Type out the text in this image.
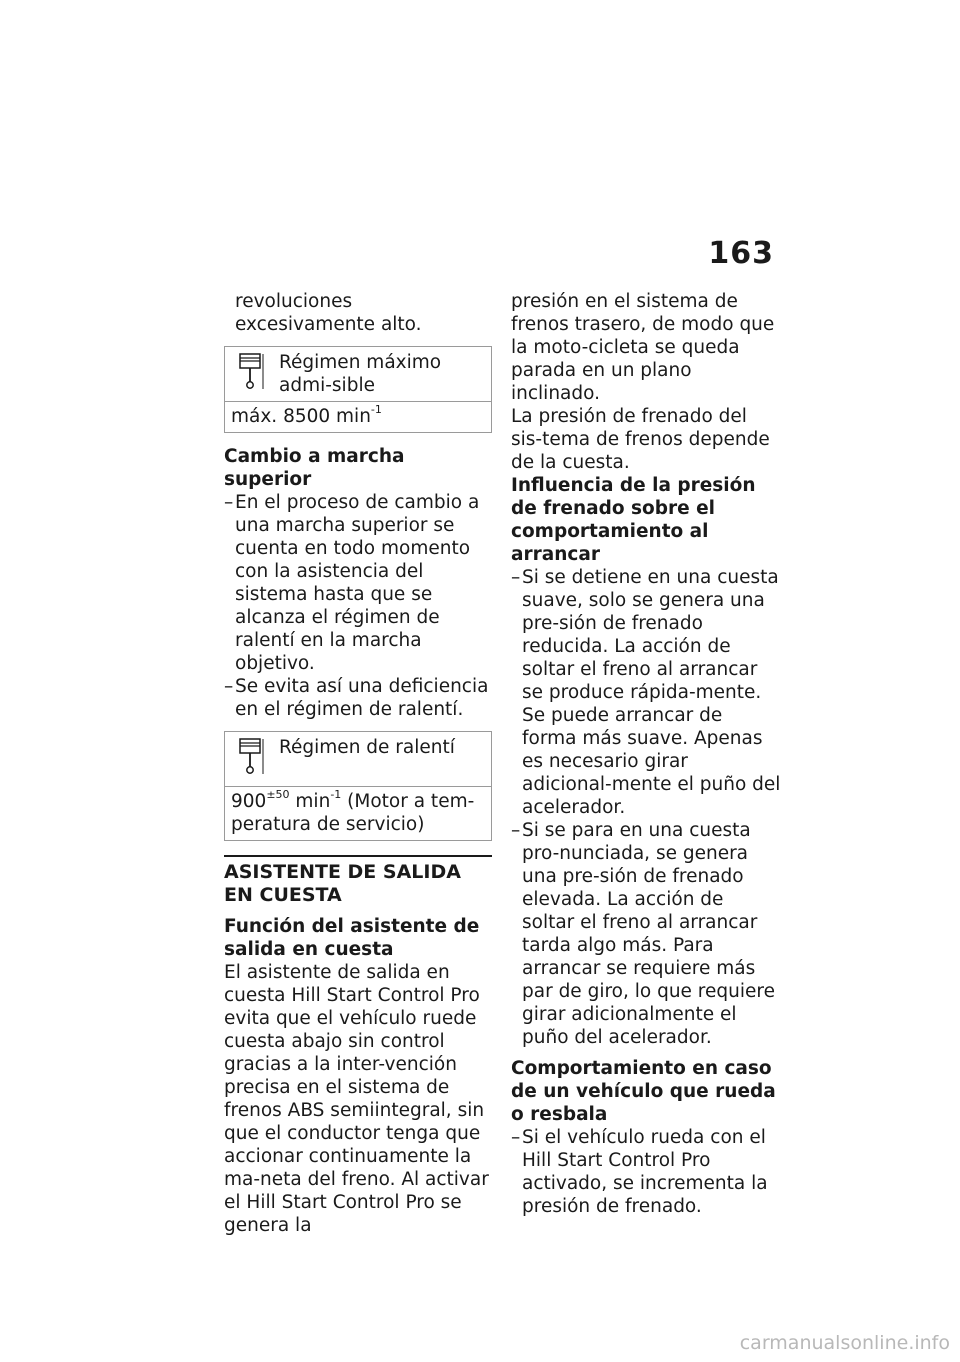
163

revoluciones excesivamente alto.

Régimen máximo admi-sible
máx. 8500 $\min^{-1}$

Cambio a marcha superior

– En el proceso de cambio a una marcha superior se cuenta en todo momento con la asistencia del sistema hasta que se alcanza el régimen de ralentí en la marcha objetivo.
– Se evita así una deficiencia en el régimen de ralentí.
Régimen de ralentí
$900^{\pm 50}$ $\min^{-1}$ (Motor a tem-peratura de servicio)
ASISTENTE DE SALIDA EN CUESTA

Función del asistente de salida en cuesta

El asistente de salida en cuesta Hill Start Control Pro evita que el vehículo ruede cuesta abajo sin control gracias a la inter-vención precisa en el sistema de frenos ABS semiintegral, sin que el conductor tenga que accionar continuamente la ma-neta del freno. Al activar el Hill Start Control Pro se genera la

presión en el sistema de frenos trasero, de modo que la moto-cicleta se queda parada en un plano inclinado.

La presión de frenado del sis-tema de frenos depende de la cuesta.

Influencia de la presión de frenado sobre el comportamiento al arrancar

– Si se detiene en una cuesta suave, solo se genera una pre-sión de frenado reducida. La acción de soltar el freno al arrancar se produce rápida-mente. Se puede arrancar de forma más suave. Apenas es necesario girar adicional-mente el puño del acelerador.
– Si se para en una cuesta pro-nunciada, se genera una pre-sión de frenado elevada. La acción de soltar el freno al arrancar tarda algo más. Para arrancar se requiere más par de giro, lo que requiere girar adicionalmente el puño del acelerador.

Comportamiento en caso de un vehículo que rueda o resbala

– Si el vehículo rueda con el Hill Start Control Pro activado, se incrementa la presión de frenado.
carmanualsonline.info
